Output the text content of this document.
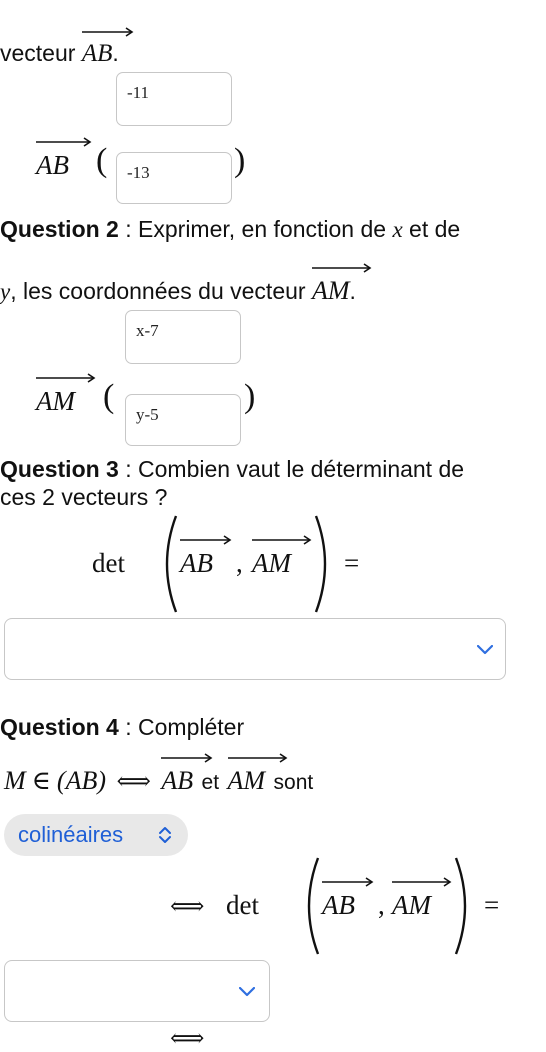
vecteur AB.
AB (
-11
-13 )
Question 2 : Exprimer, en fonction de x et de
y, les coordonnées du vecteur
AM.
AM (
x-7
y-5	)
Question 3 : Combien vaut le déterminant de
ces 2 vecteurs ?
det AB , AM =
Question 4 : Compléter
M ∈ (AB) ⟺ AB et AM sont
colinéaires
⟺ det AB , AM =
⟺
